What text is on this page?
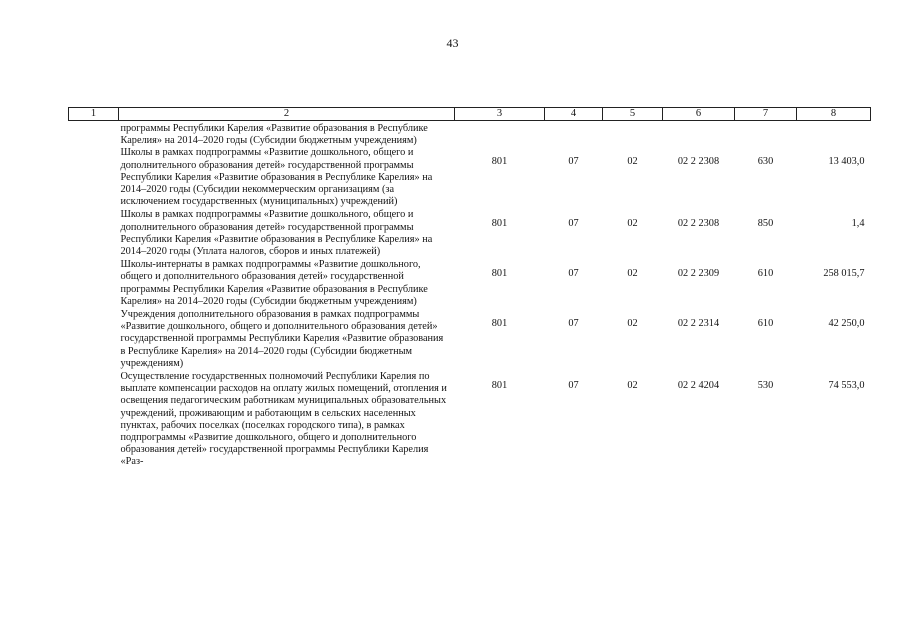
43
1	2	3	4	5	6	7	8
	программы Республики Карелия «Развитие образования в Республике Карелия» на 2014–2020 годы (Субсидии бюджетным учреждениям)						
	Школы в рамках подпрограммы «Развитие дошкольного, общего и дополнительного образования детей» государственной программы Республики Карелия «Развитие образования в Республике Карелия» на 2014–2020 годы (Субсидии некоммерческим организациям (за исключением государственных (муниципальных) учреждений)	801	07	02	02 2 2308	630	13 403,0
	Школы в рамках подпрограммы «Развитие дошкольного, общего и дополнительного образования детей» государственной программы Республики Карелия «Развитие образования в Республике Карелия» на 2014–2020 годы (Уплата налогов, сборов и иных платежей)	801	07	02	02 2 2308	850	1,4
	Школы-интернаты в рамках подпрограммы «Развитие дошкольного, общего и дополнительного образования детей» государственной программы Республики Карелия «Развитие образования в Республике Карелия» на 2014–2020 годы (Субсидии бюджетным учреждениям)	801	07	02	02 2 2309	610	258 015,7
	Учреждения дополнительного образования в рамках подпрограммы «Развитие дошкольного, общего и дополнительного образования детей» государственной программы Республики Карелия «Развитие образования в Республике Карелия» на 2014–2020 годы (Субсидии бюджетным учреждениям)	801	07	02	02 2 2314	610	42 250,0
	Осуществление государственных полномочий Республики Карелия по выплате компенсации расходов на оплату жилых помещений, отопления и освещения педагогическим работникам муниципальных образовательных учреждений, проживающим и работающим в сельских населенных пунктах, рабочих поселках (поселках городского типа), в рамках подпрограммы «Развитие дошкольного, общего и дополнительного образования детей» государственной программы Республики Карелия «Раз-	801	07	02	02 2 4204	530	74 553,0
